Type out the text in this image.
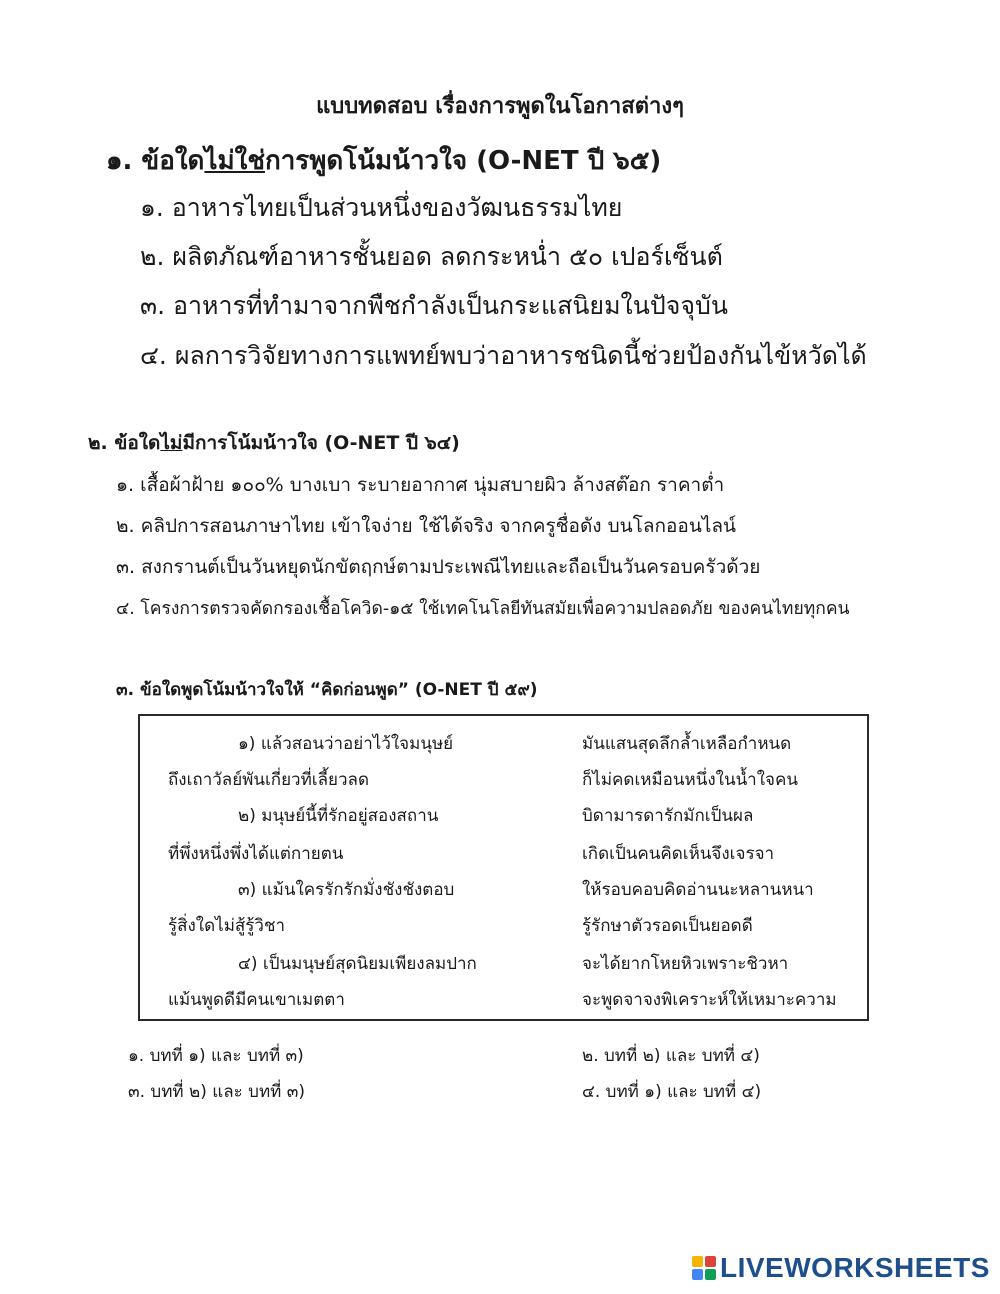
แบบทดสอบ เรื่องการพูดในโอกาสต่างๆ
๑. ข้อใดไม่ใช่การพูดโน้มน้าวใจ (O-NET ปี ๖๕)
๑. อาหารไทยเป็นส่วนหนึ่งของวัฒนธรรมไทย
๒. ผลิตภัณฑ์อาหารชั้นยอด ลดกระหน่ำ ๕๐ เปอร์เซ็นต์
๓. อาหารที่ทำมาจากพืชกำลังเป็นกระแสนิยมในปัจจุบัน
๔. ผลการวิจัยทางการแพทย์พบว่าอาหารชนิดนี้ช่วยป้องกันไข้หวัดได้
๒. ข้อใดไม่มีการโน้มน้าวใจ (O-NET ปี ๖๔)
๑. เสื้อผ้าฝ้าย ๑๐๐% บางเบา ระบายอากาศ นุ่มสบายผิว ล้างสต๊อก ราคาต่ำ
๒. คลิปการสอนภาษาไทย เข้าใจง่าย ใช้ได้จริง จากครูชื่อดัง บนโลกออนไลน์
๓. สงกรานต์เป็นวันหยุดนักขัตฤกษ์ตามประเพณีไทยและถือเป็นวันครอบครัวด้วย
๔. โครงการตรวจคัดกรองเชื้อโควิด-๑๕ ใช้เทคโนโลยีทันสมัยเพื่อความปลอดภัย ของคนไทยทุกคน
๓. ข้อใดพูดโน้มน้าวใจให้ “คิดก่อนพูด” (O-NET ปี ๕๙)
๑) แล้วสอนว่าอย่าไว้ใจมนุษย์	มันแสนสุดลึกล้ำเหลือกำหนด
ถึงเถาวัลย์พันเกี่ยวที่เลี้ยวลด	ก็ไม่คดเหมือนหนึ่งในน้ำใจคน
๒) มนุษย์นี้ที่รักอยู่สองสถาน	บิดามารดารักมักเป็นผล
ที่พึ่งหนึ่งพึ่งได้แต่กายตน	เกิดเป็นคนคิดเห็นจึงเจรจา
๓) แม้นใครรักรักมั่งชังชังตอบ	ให้รอบคอบคิดอ่านนะหลานหนา
รู้สิ่งใดไม่สู้รู้วิชา	รู้รักษาตัวรอดเป็นยอดดี
๔) เป็นมนุษย์สุดนิยมเพียงลมปาก	จะได้ยากโหยหิวเพราะชิวหา
แม้นพูดดีมีคนเขาเมตตา	จะพูดจาจงพิเคราะห์ให้เหมาะความ
๑. บทที่ ๑) และ บทที่ ๓)	๒. บทที่ ๒) และ บทที่ ๔)
๓. บทที่ ๒) และ บทที่ ๓)	๔. บทที่ ๑) และ บทที่ ๔)
LIVEWORKSHEETS
